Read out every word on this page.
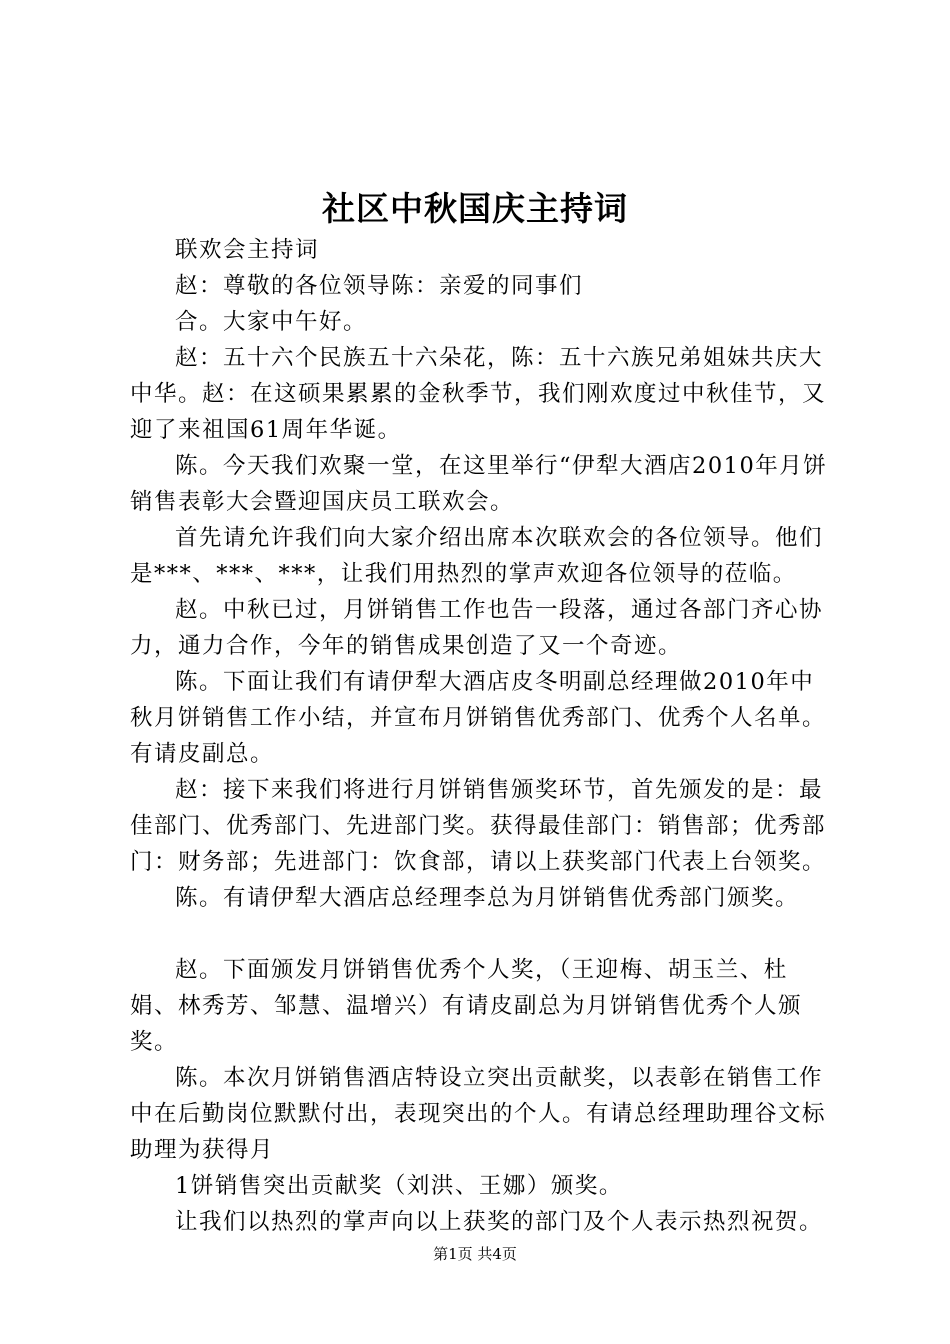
社区中秋国庆主持词

联欢会主持词

赵：尊敬的各位领导陈：亲爱的同事们

合。大家中午好。

赵：五十六个民族五十六朵花，陈：五十六族兄弟姐妹共庆大中华。赵：在这硕果累累的金秋季节，我们刚欢度过中秋佳节，又迎了来祖国61周年华诞。

陈。今天我们欢聚一堂，在这里举行“伊犁大酒店2010年月饼销售表彰大会暨迎国庆员工联欢会。

首先请允许我们向大家介绍出席本次联欢会的各位领导。他们是***、***、***，让我们用热烈的掌声欢迎各位领导的莅临。

赵。中秋已过，月饼销售工作也告一段落，通过各部门齐心协力，通力合作，今年的销售成果创造了又一个奇迹。

陈。下面让我们有请伊犁大酒店皮冬明副总经理做2010年中秋月饼销售工作小结，并宣布月饼销售优秀部门、优秀个人名单。有请皮副总。

赵：接下来我们将进行月饼销售颁奖环节，首先颁发的是：最佳部门、优秀部门、先进部门奖。获得最佳部门：销售部；优秀部门：财务部；先进部门：饮食部，请以上获奖部门代表上台领奖。

陈。有请伊犁大酒店总经理李总为月饼销售优秀部门颁奖。

赵。下面颁发月饼销售优秀个人奖，（王迎梅、胡玉兰、杜娟、林秀芳、邹慧、温增兴）有请皮副总为月饼销售优秀个人颁奖。

陈。本次月饼销售酒店特设立突出贡献奖，以表彰在销售工作中在后勤岗位默默付出，表现突出的个人。有请总经理助理谷文标助理为获得月

1饼销售突出贡献奖（刘洪、王娜）颁奖。

让我们以热烈的掌声向以上获奖的部门及个人表示热烈祝贺。

第1页 共4页
